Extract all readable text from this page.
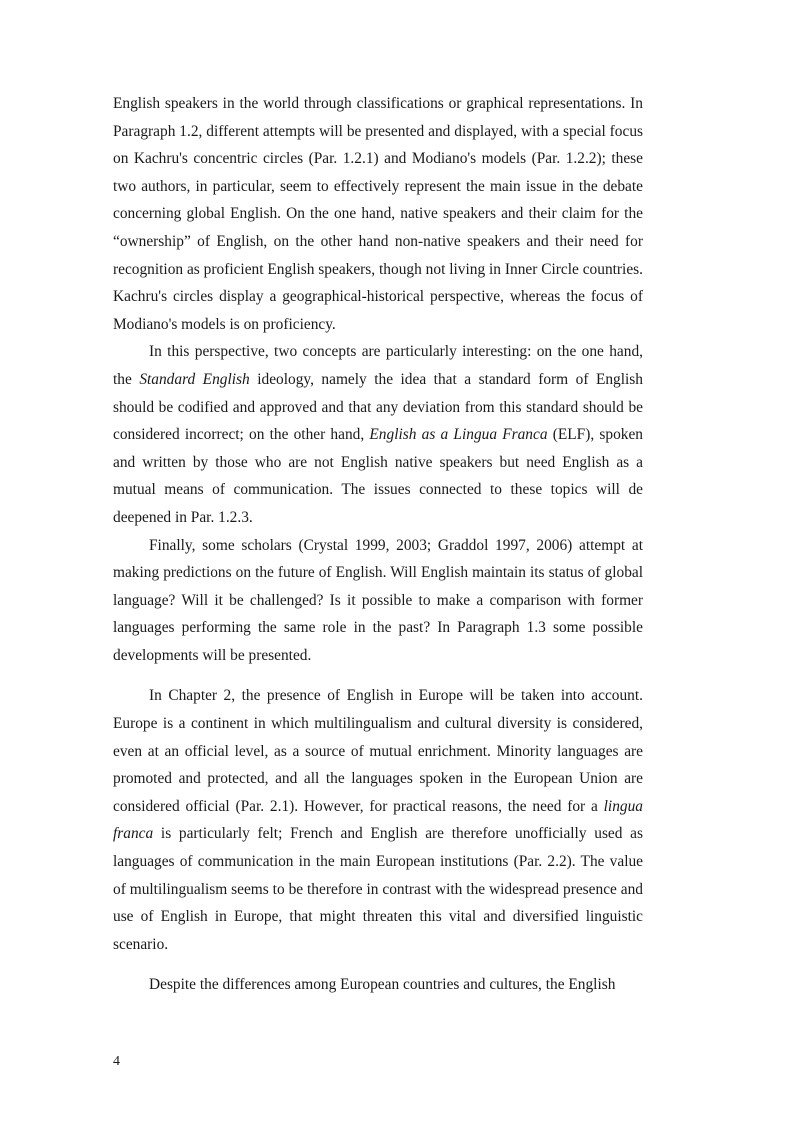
English speakers in the world through classifications or graphical representations. In Paragraph 1.2, different attempts will be presented and displayed, with a special focus on Kachru's concentric circles (Par. 1.2.1) and Modiano's models (Par. 1.2.2); these two authors, in particular, seem to effectively represent the main issue in the debate concerning global English. On the one hand, native speakers and their claim for the “ownership” of English, on the other hand non-native speakers and their need for recognition as proficient English speakers, though not living in Inner Circle countries. Kachru's circles display a geographical-historical perspective, whereas the focus of Modiano's models is on proficiency.

In this perspective, two concepts are particularly interesting: on the one hand, the Standard English ideology, namely the idea that a standard form of English should be codified and approved and that any deviation from this standard should be considered incorrect; on the other hand, English as a Lingua Franca (ELF), spoken and written by those who are not English native speakers but need English as a mutual means of communication. The issues connected to these topics will de deepened in Par. 1.2.3.

Finally, some scholars (Crystal 1999, 2003; Graddol 1997, 2006) attempt at making predictions on the future of English. Will English maintain its status of global language? Will it be challenged? Is it possible to make a comparison with former languages performing the same role in the past? In Paragraph 1.3 some possible developments will be presented.

In Chapter 2, the presence of English in Europe will be taken into account. Europe is a continent in which multilingualism and cultural diversity is considered, even at an official level, as a source of mutual enrichment. Minority languages are promoted and protected, and all the languages spoken in the European Union are considered official (Par. 2.1). However, for practical reasons, the need for a lingua franca is particularly felt; French and English are therefore unofficially used as languages of communication in the main European institutions (Par. 2.2). The value of multilingualism seems to be therefore in contrast with the widespread presence and use of English in Europe, that might threaten this vital and diversified linguistic scenario.

Despite the differences among European countries and cultures, the English

4
